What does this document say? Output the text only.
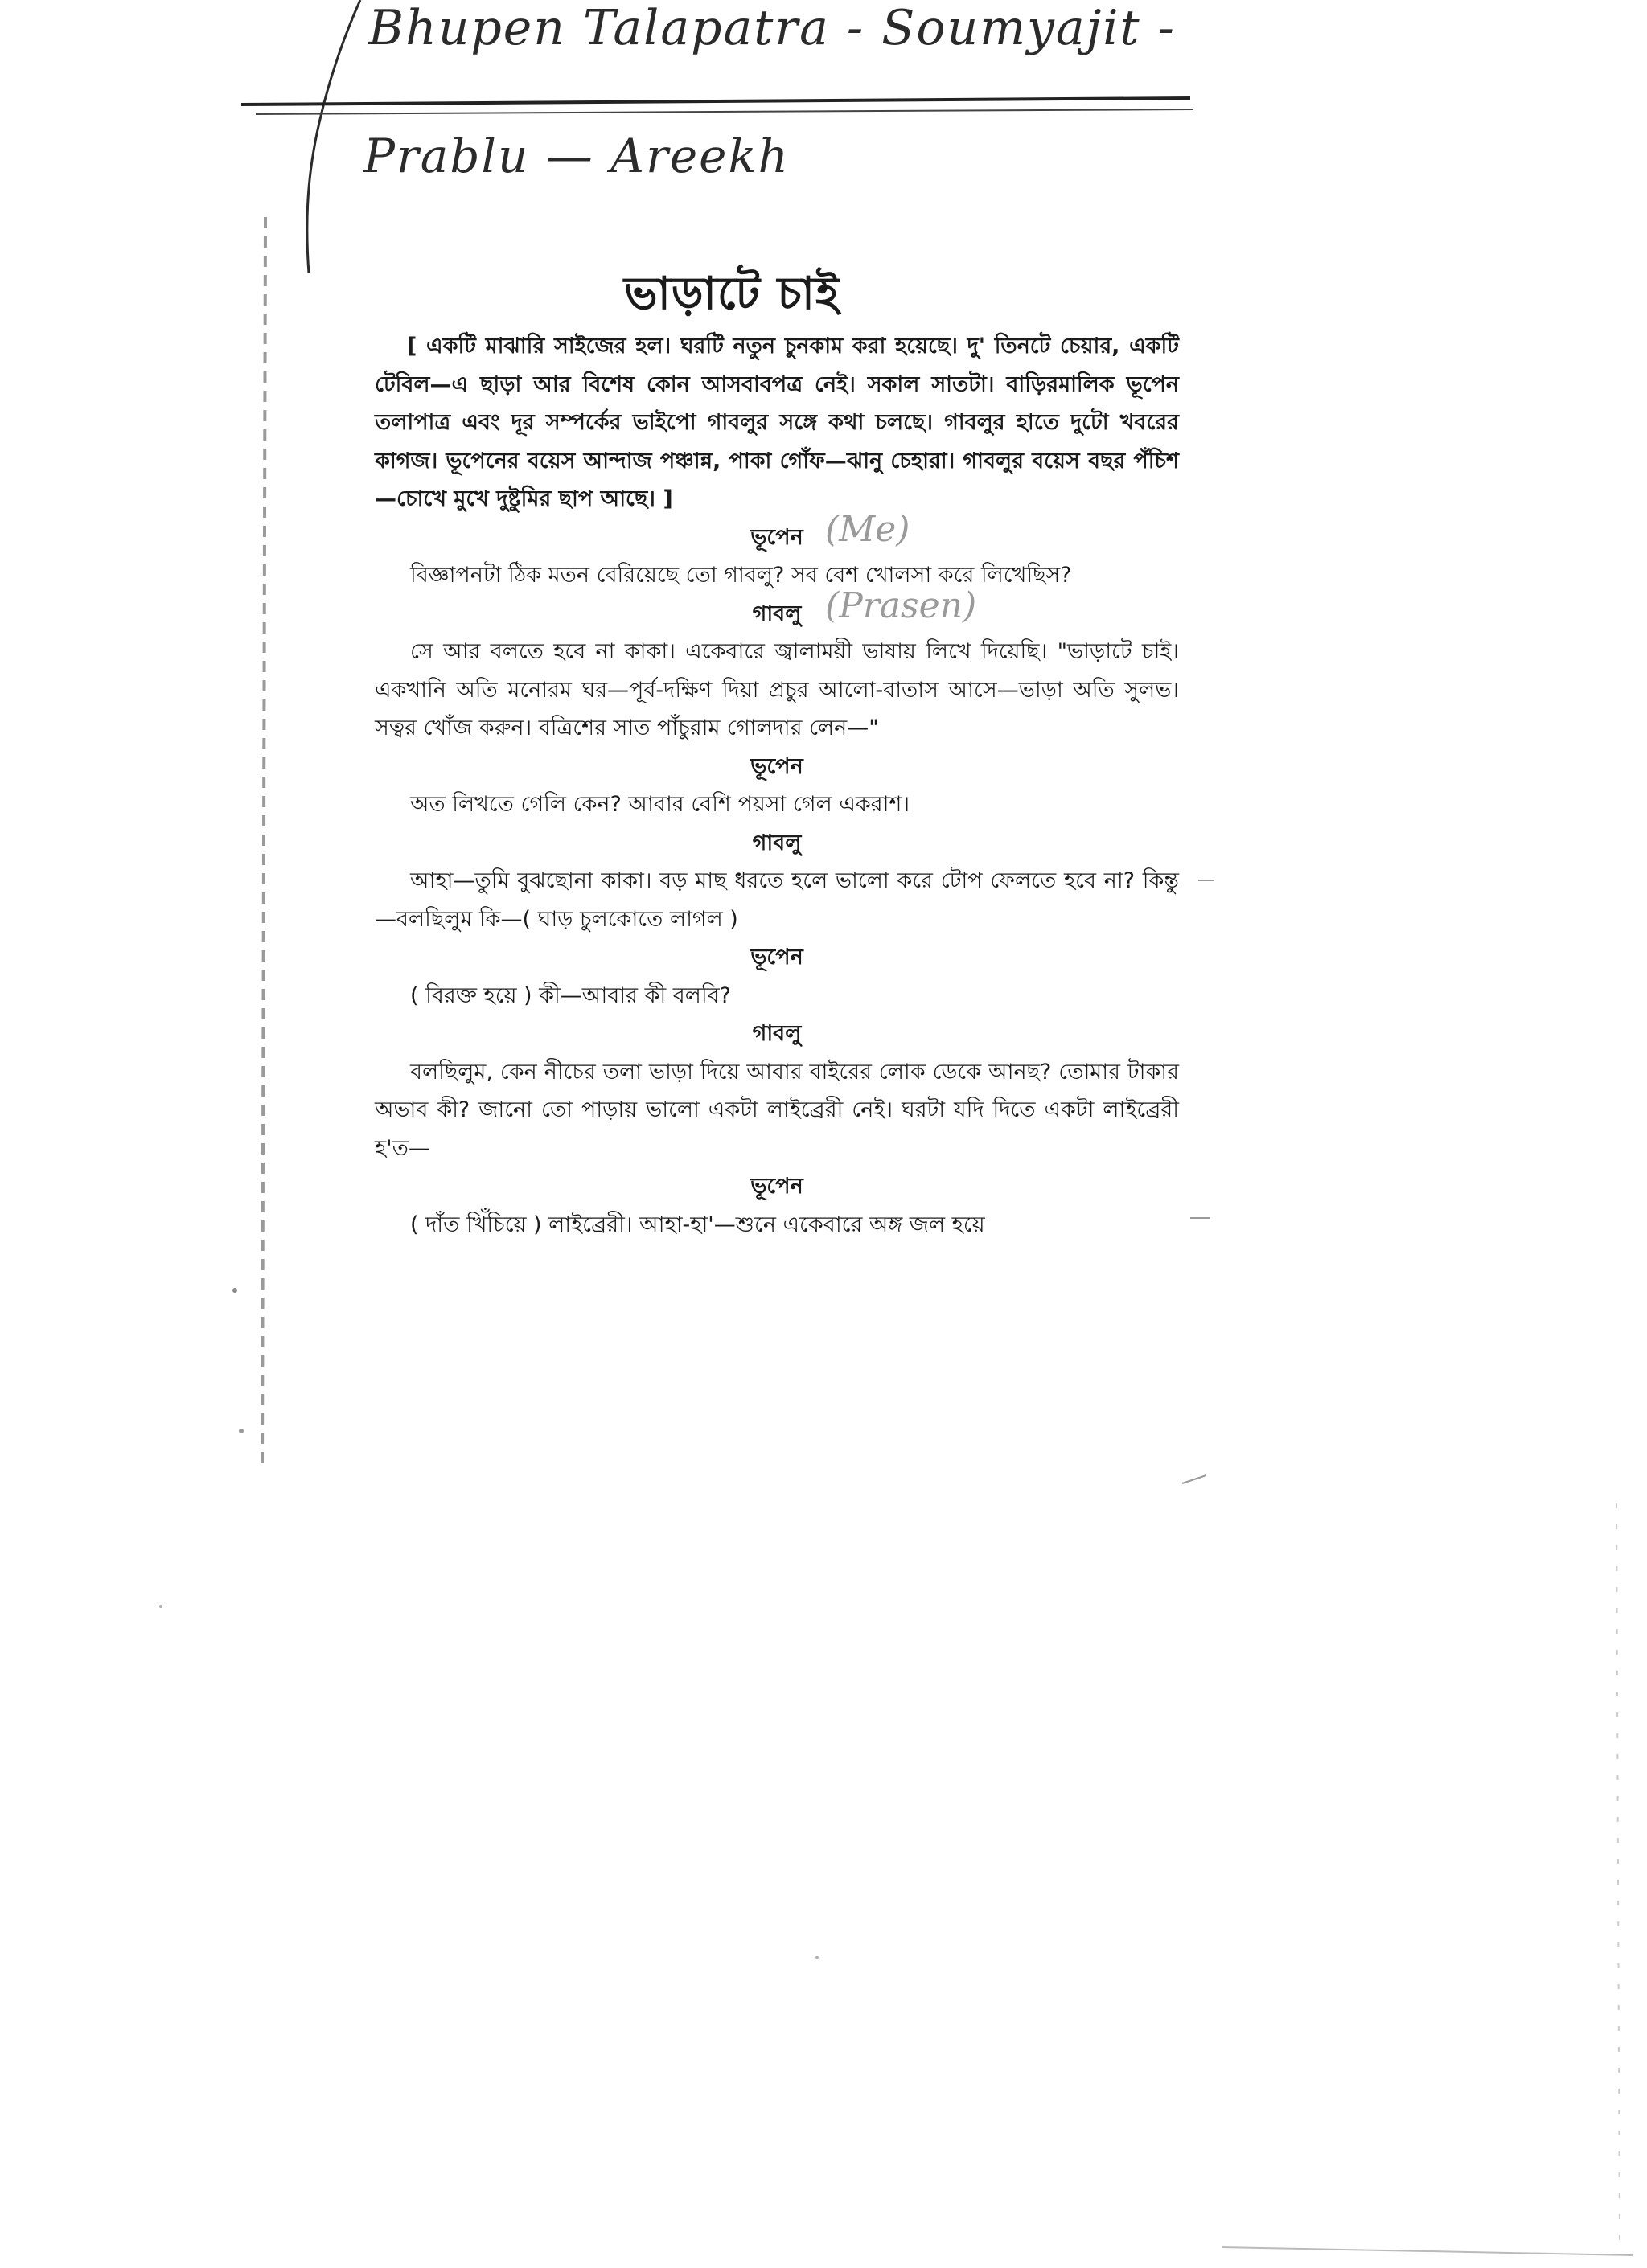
Bhupen Talapatra - Soumyajit -
Prablu — Areekh
ভাড়াটে চাই

[ একটি মাঝারি সাইজের হল। ঘরটি নতুন চুনকাম করা হয়েছে। দু' তিনটে চেয়ার, একটি টেবিল—এ ছাড়া আর বিশেষ কোন আসবাবপত্র নেই। সকাল সাতটা। বাড়িরমালিক ভূপেন তলাপাত্র এবং দূর সম্পর্কের ভাইপো গাবলুর সঙ্গে কথা চলছে। গাবলুর হাতে দুটো খবরের কাগজ। ভূপেনের বয়েস আন্দাজ পঞ্চান্ন, পাকা গোঁফ—ঝানু চেহারা। গাবলুর বয়েস বছর পঁচিশ—চোখে মুখে দুষ্টুমির ছাপ আছে। ]

ভূপেন (Me)

বিজ্ঞাপনটা ঠিক মতন বেরিয়েছে তো গাবলু? সব বেশ খোলসা করে লিখেছিস?

গাবলু (Prasen)

সে আর বলতে হবে না কাকা। একেবারে জ্বালাময়ী ভাষায় লিখে দিয়েছি। "ভাড়াটে চাই। একখানি অতি মনোরম ঘর—পূর্ব-দক্ষিণ দিয়া প্রচুর আলো-বাতাস আসে—ভাড়া অতি সুলভ। সত্বর খোঁজ করুন। বত্রিশের সাত পাঁচুরাম গোলদার লেন—"

ভূপেন

অত লিখতে গেলি কেন? আবার বেশি পয়সা গেল একরাশ।

গাবলু

আহা—তুমি বুঝছোনা কাকা। বড় মাছ ধরতে হলে ভালো করে টোপ ফেলতে হবে না? কিন্তু—বলছিলুম কি—( ঘাড় চুলকোতে লাগল )

ভূপেন

( বিরক্ত হয়ে ) কী—আবার কী বলবি?

গাবলু

বলছিলুম, কেন নীচের তলা ভাড়া দিয়ে আবার বাইরের লোক ডেকে আনছ? তোমার টাকার অভাব কী? জানো তো পাড়ায় ভালো একটা লাইব্রেরী নেই। ঘরটা যদি দিতে একটা লাইব্রেরী হ'ত—

ভূপেন

( দাঁত খিঁচিয়ে ) লাইব্রেরী। আহা-হা'—শুনে একেবারে অঙ্গ জল হয়ে
